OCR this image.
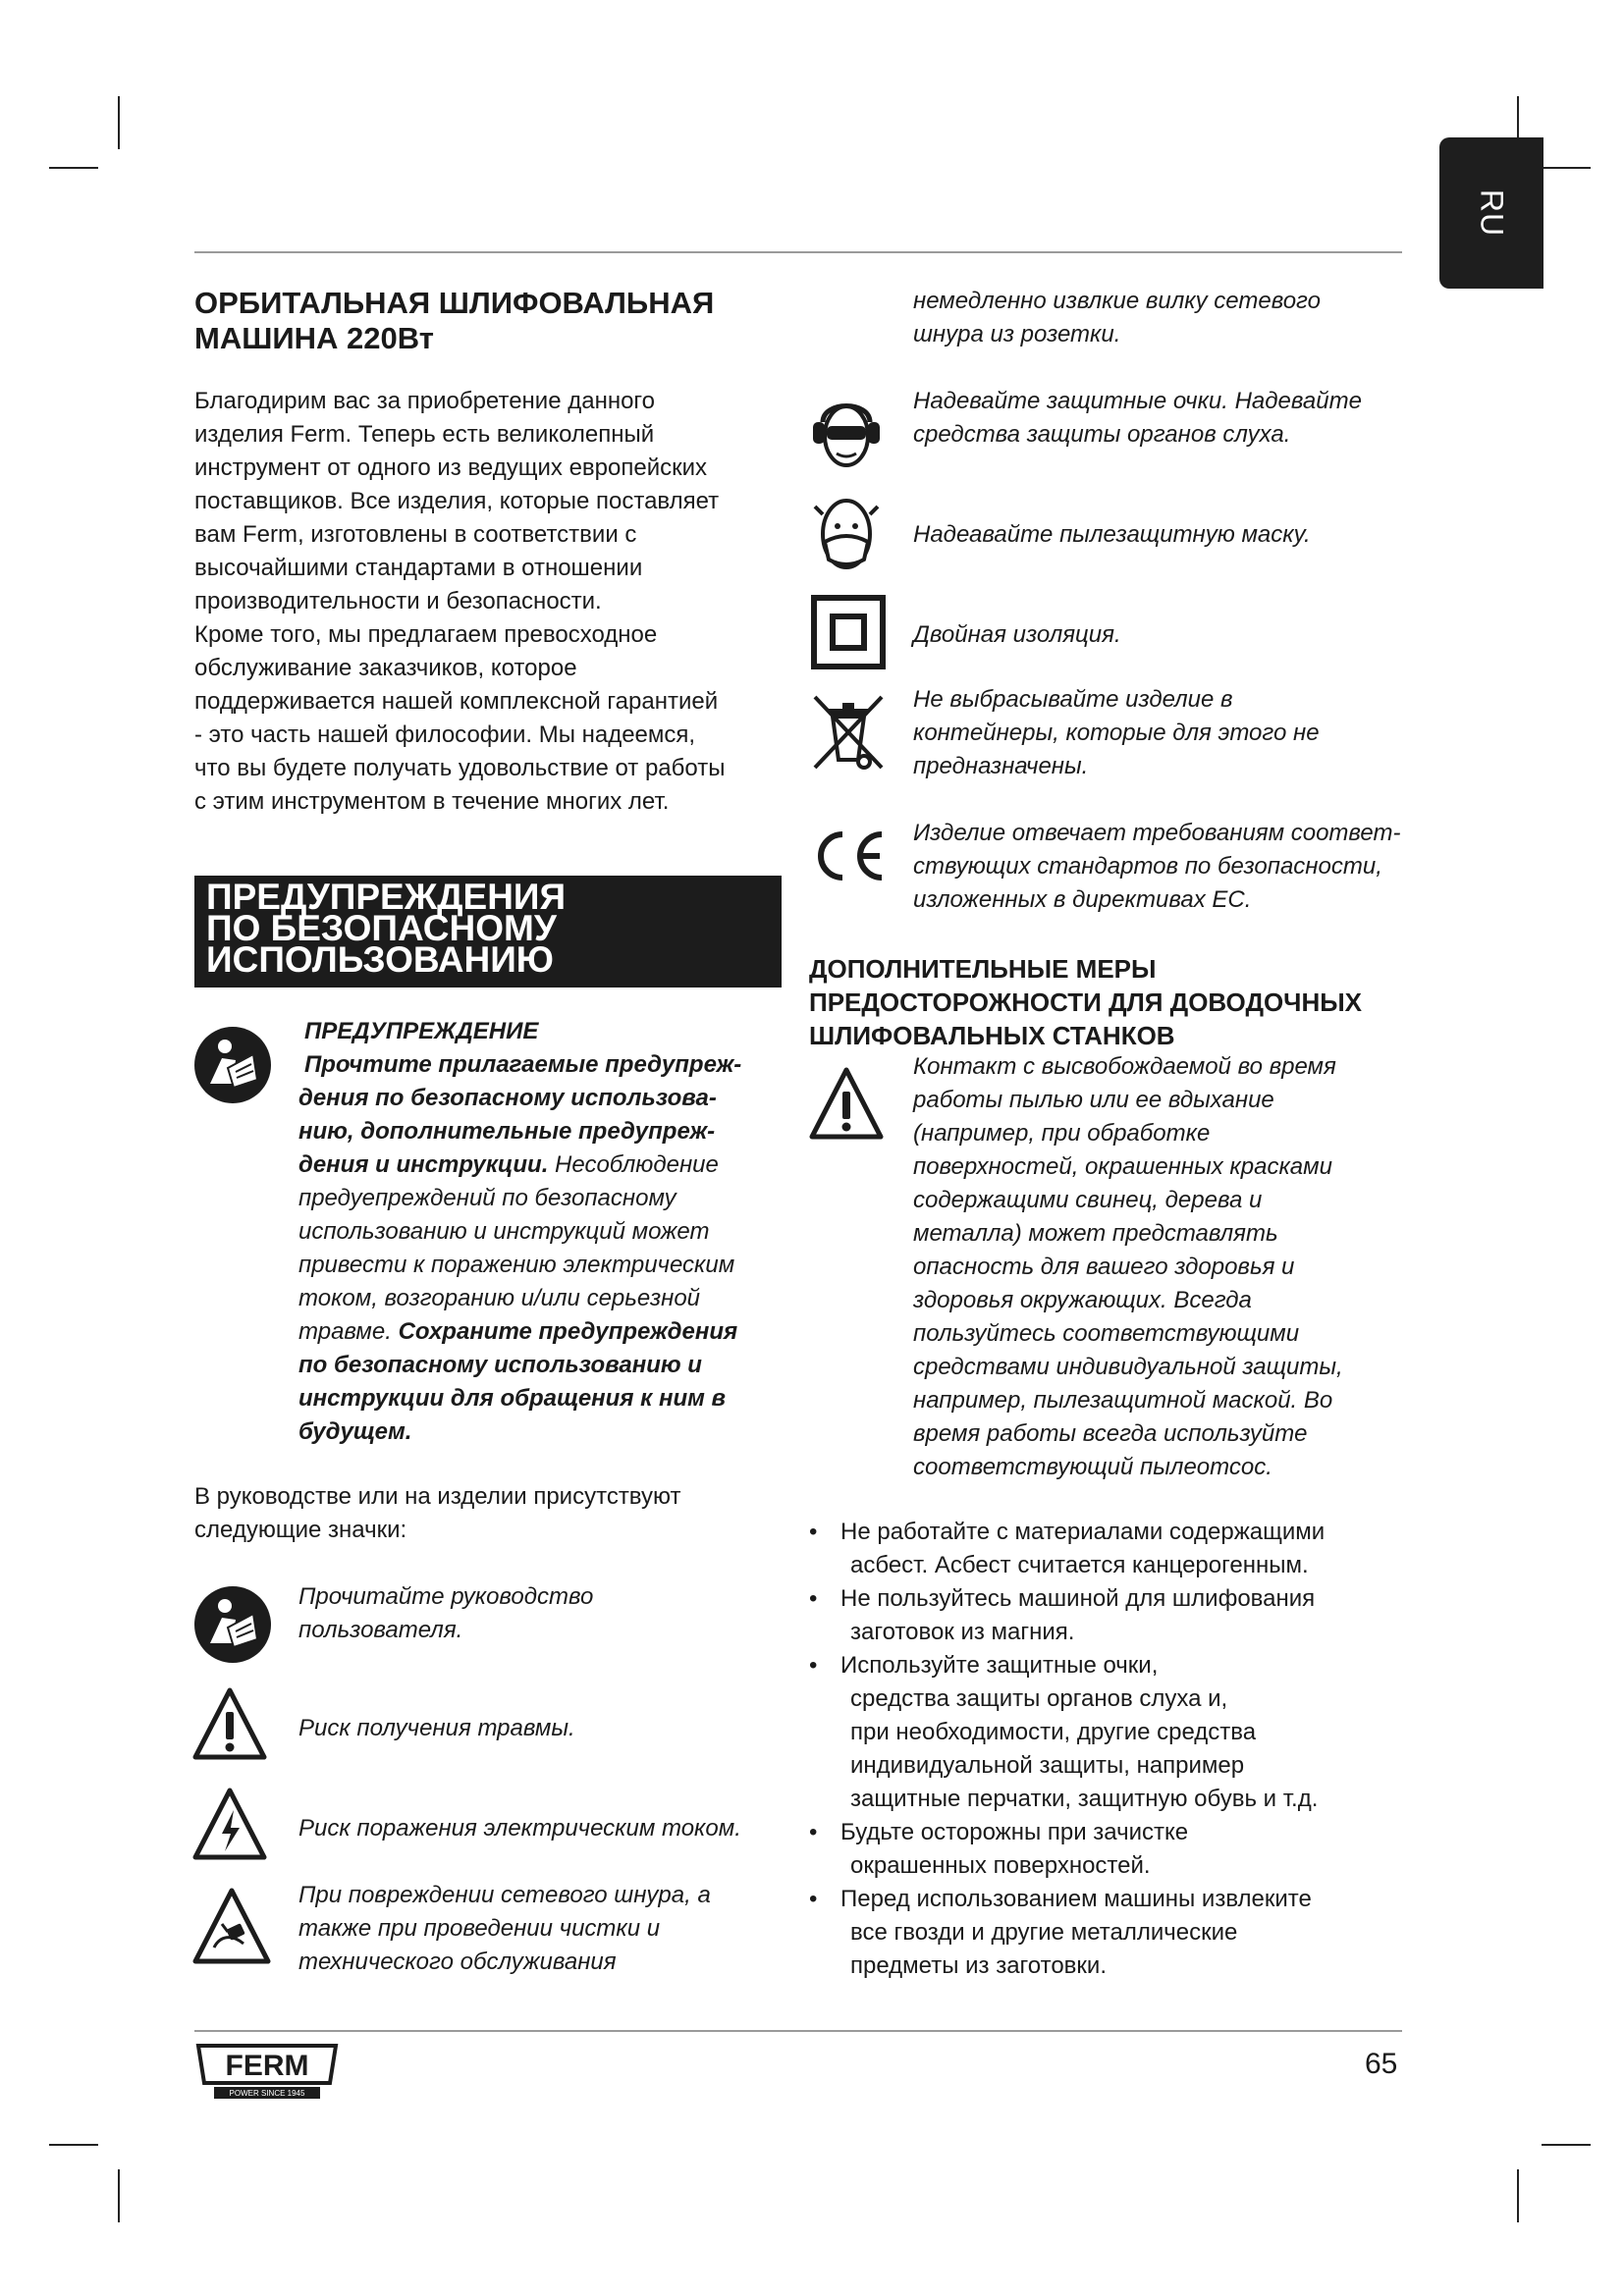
RU
ОРБИТАЛЬНАЯ ШЛИФОВАЛЬНАЯ
МАШИНА 220Вт
Благодирим вас за приобретение данного
изделия Ferm. Теперь есть великолепный
инструмент от одного из ведущих европейских
поставщиков. Все изделия, которые поставляет
вам Ferm, изготовлены в соответствии с
высочайшими стандартами в отношении
производительности и безопасности.
Кроме того, мы предлагаем превосходное
обслуживание заказчиков, которое
поддерживается нашей комплексной гарантией
- это часть нашей философии. Мы надеемся,
что вы будете получать удовольствие от работы
с этим инструментом в течение многих лет.
ПРЕДУПРЕЖДЕНИЯ
ПО БЕЗОПАСНОМУ
ИСПОЛЬЗОВАНИЮ
ПРЕДУПРЕЖДЕНИЕ
Прочтите прилагаемые предупреж-
дения по безопасному использова-
нию, дополнительные предупреж-
дения и инструкции. Несоблюдение
предуепреждений по безопасному
использованию и инструкций может
привести к поражению электрическим
током, возгоранию и/или серьезной
травме. Сохраните предупреждения
по безопасному использованию и
инструкции для обращения к ним в
будущем.
В руководстве или на изделии присутствуют
следующие значки:
Прочитайте руководство
пользователя.
Риск получения травмы.
Риск поражения электрическим током.
При повреждении сетевого шнура, а
также при проведении чистки и
технического обслуживания
немедленно извлкие вилку сетевого
шнура из розетки.
Надевайте защитные очки. Надевайте
средства защиты органов слуха.
Надеавайте пылезащитную маску.
Двойная изоляция.
Не выбрасывайте изделие в
контейнеры, которые для этого не
предназначены.
Изделие отвечает требованиям соответ-
ствующих стандартов по безопасности,
изложенных в директивах ЕС.
ДОПОЛНИТЕЛЬНЫЕ МЕРЫ
ПРЕДОСТОРОЖНОСТИ ДЛЯ ДОВОДОЧНЫХ
ШЛИФОВАЛЬНЫХ СТАНКОВ
Контакт с высвобождаемой во время
работы пылью или ее вдыхание
(например, при обработке
поверхностей, окрашенных красками
содержащими свинец, дерева и
металла) может представлять
опасность для вашего здоровья и
здоровья окружающих. Всегда
пользуйтесь соответствующими
средствами индивидуальной защиты,
например, пылезащитной маской. Во
время работы всегда используйте
соответствующий пылеотсос.
• Не работайте с материалами содержащими
асбест. Асбест считается канцерогенным.
• Не пользуйтесь машиной для шлифования
заготовок из магния.
• Используйте защитные очки,
средства защиты органов слуха и,
при необходимости, другие средства
индивидуальной защиты, например
защитные перчатки, защитную обувь и т.д.
• Будьте осторожны при зачистке
окрашенных поверхностей.
• Перед использованием машины извлеките
все гвозди и другие металлические
предметы из заготовки.
FERM
POWER SINCE 1945
65
